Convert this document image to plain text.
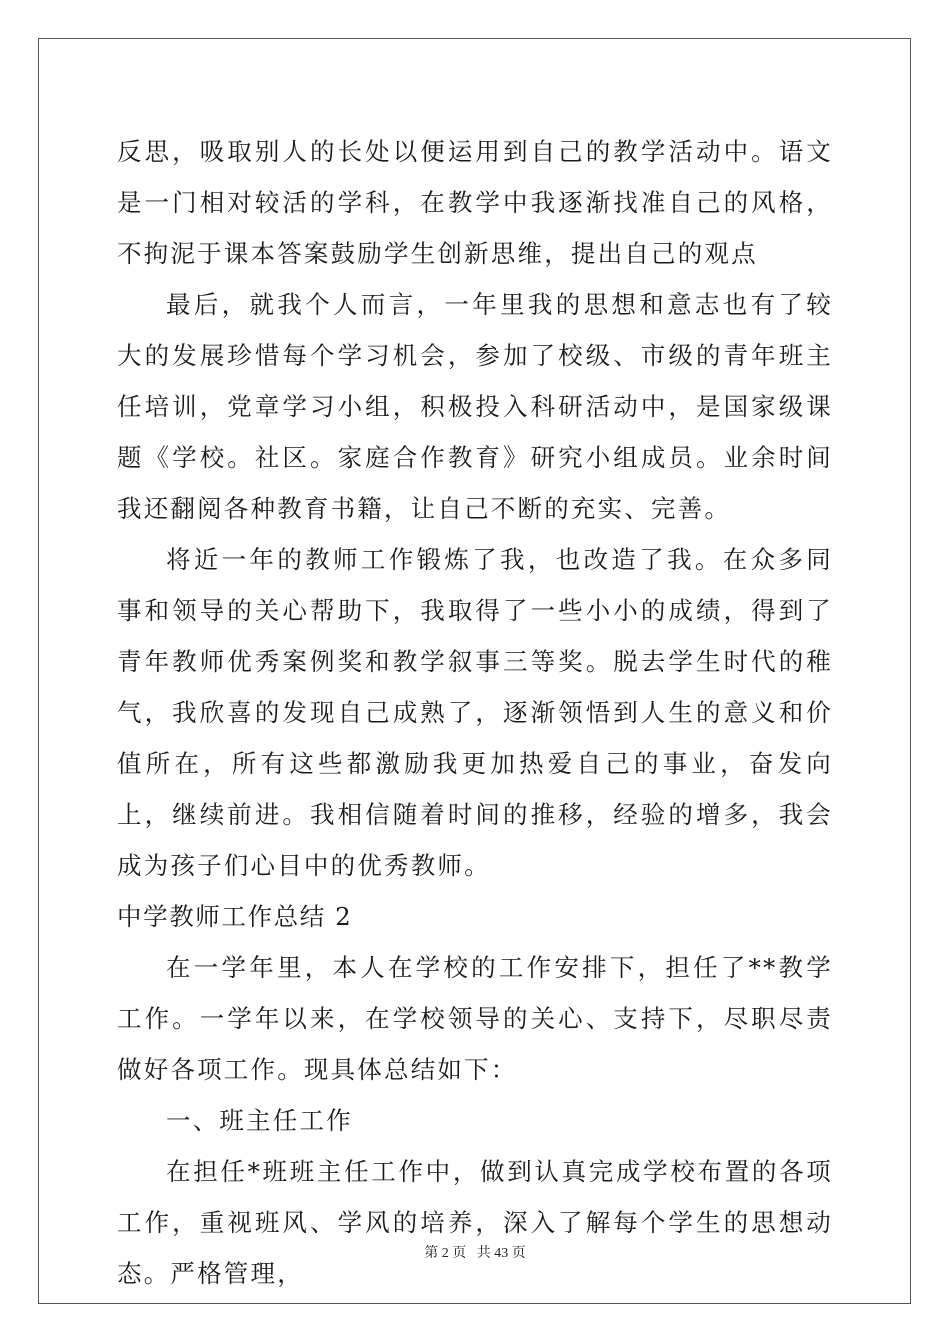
反思，吸取别人的长处以便运用到自己的教学活动中。语文是一门相对较活的学科，在教学中我逐渐找准自己的风格，不拘泥于课本答案鼓励学生创新思维，提出自己的观点

最后，就我个人而言，一年里我的思想和意志也有了较大的发展珍惜每个学习机会，参加了校级、市级的青年班主任培训，党章学习小组，积极投入科研活动中，是国家级课题《学校。社区。家庭合作教育》研究小组成员。业余时间我还翻阅各种教育书籍，让自己不断的充实、完善。

将近一年的教师工作锻炼了我，也改造了我。在众多同事和领导的关心帮助下，我取得了一些小小的成绩，得到了青年教师优秀案例奖和教学叙事三等奖。脱去学生时代的稚气，我欣喜的发现自己成熟了，逐渐领悟到人生的意义和价值所在，所有这些都激励我更加热爱自己的事业，奋发向上，继续前进。我相信随着时间的推移，经验的增多，我会成为孩子们心目中的优秀教师。

中学教师工作总结 2

在一学年里，本人在学校的工作安排下，担任了**教学工作。一学年以来，在学校领导的关心、支持下，尽职尽责做好各项工作。现具体总结如下：

一、班主任工作

在担任*班班主任工作中，做到认真完成学校布置的各项工作，重视班风、学风的培养，深入了解每个学生的思想动态。严格管理，

第 2 页 共 43 页
